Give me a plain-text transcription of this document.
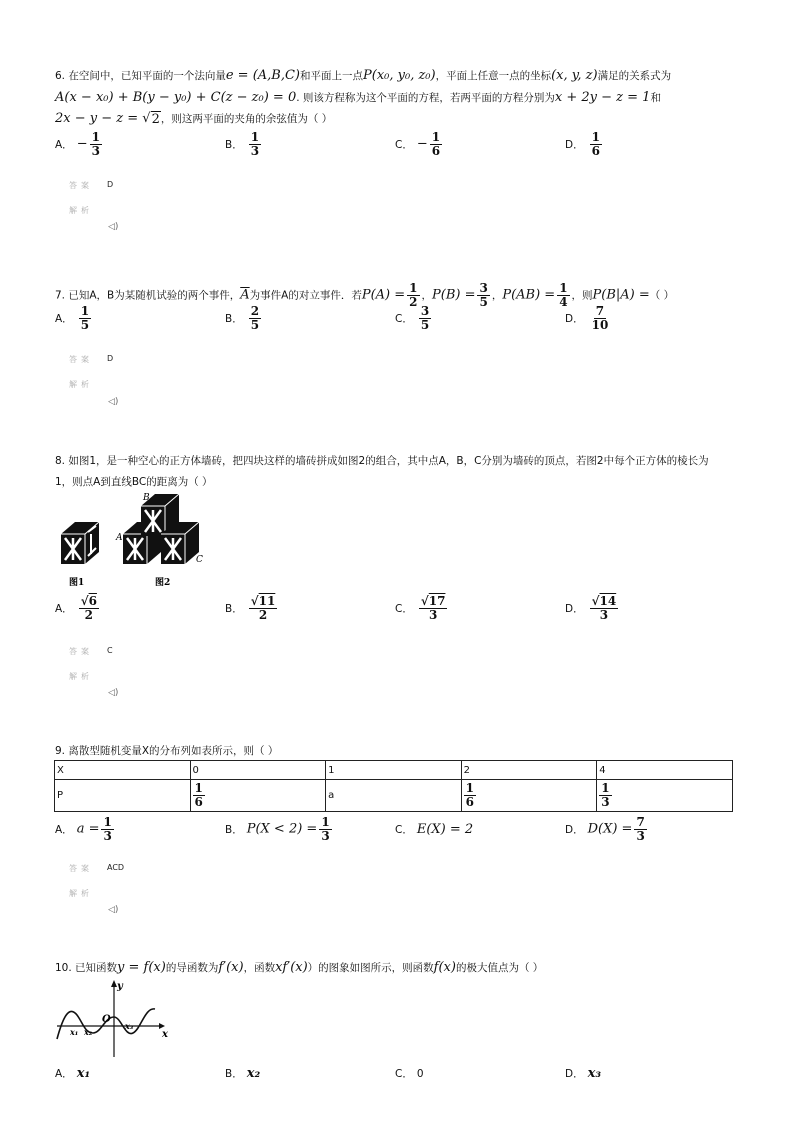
6. 在空间中，已知平面的一个法向量e = (A,B,C)和平面上一点P(x₀, y₀, z₀)，平面上任意一点的坐标(x, y, z)满足的关系式为
A(x − x₀) + B(y − y₀) + C(z − z₀) = 0. 则该方程称为这个平面的方程，若两平面的方程分别为x + 2y − z = 1和
2x − y − z = √ 2 ，则这两平面的夹角的余弦值为（ ）
A． − $\frac{1}{3}$	B． $\frac{1}{3}$	C． − $\frac{1}{6}$	D． $\frac{1}{6}$
答案 D
解析
◁)
7. 已知A，B为某随机试验的两个事件，$\overline{A}$为事件A的对立事件．若$P(A) = \frac{1}{2}$ ，$P(B) = \frac{3}{5}$ ，$P(AB) = \frac{1}{4}$ ，则P(B|A) =（ ）
A． $\frac{1}{5}$	B． $\frac{2}{5}$	C． $\frac{3}{5}$	D． $\frac{7}{10}$
答案 D
解析
◁)
8. 如图1，是一种空心的正方体墙砖，把四块这样的墙砖拼成如图2的组合，其中点A，B，C分别为墙砖的顶点，若图2中每个正方体的棱长为
1，则点A到直线BC的距离为（ ）
B
A
C
图1	图2
A． $\frac{√6}{2}$	B． $\frac{√11}{2}$	C． $\frac{√17}{3}$	D． $\frac{√14}{3}$
答案 C
解析
◁)
9. 离散型随机变量X的分布列如表所示，则（ ）
X	0	1	2	4
P	$\frac{1}{6}$	a	$\frac{1}{6}$	$\frac{1}{3}$
A． $a = \frac{1}{3}$	B． $P(X < 2) = \frac{1}{3}$	C． E(X) = 2	D． $D(X) = \frac{7}{3}$
答案 ACD
解析
◁)
10. 已知函数y = f(x)的导函数为f′(x)，函数xf′(x)）的图象如图所示，则函数f(x)的极大值点为（ ）
y
x
O
x₁ x₂
x₃
A． x₁	B． x₂	C． 0	D． x₃
